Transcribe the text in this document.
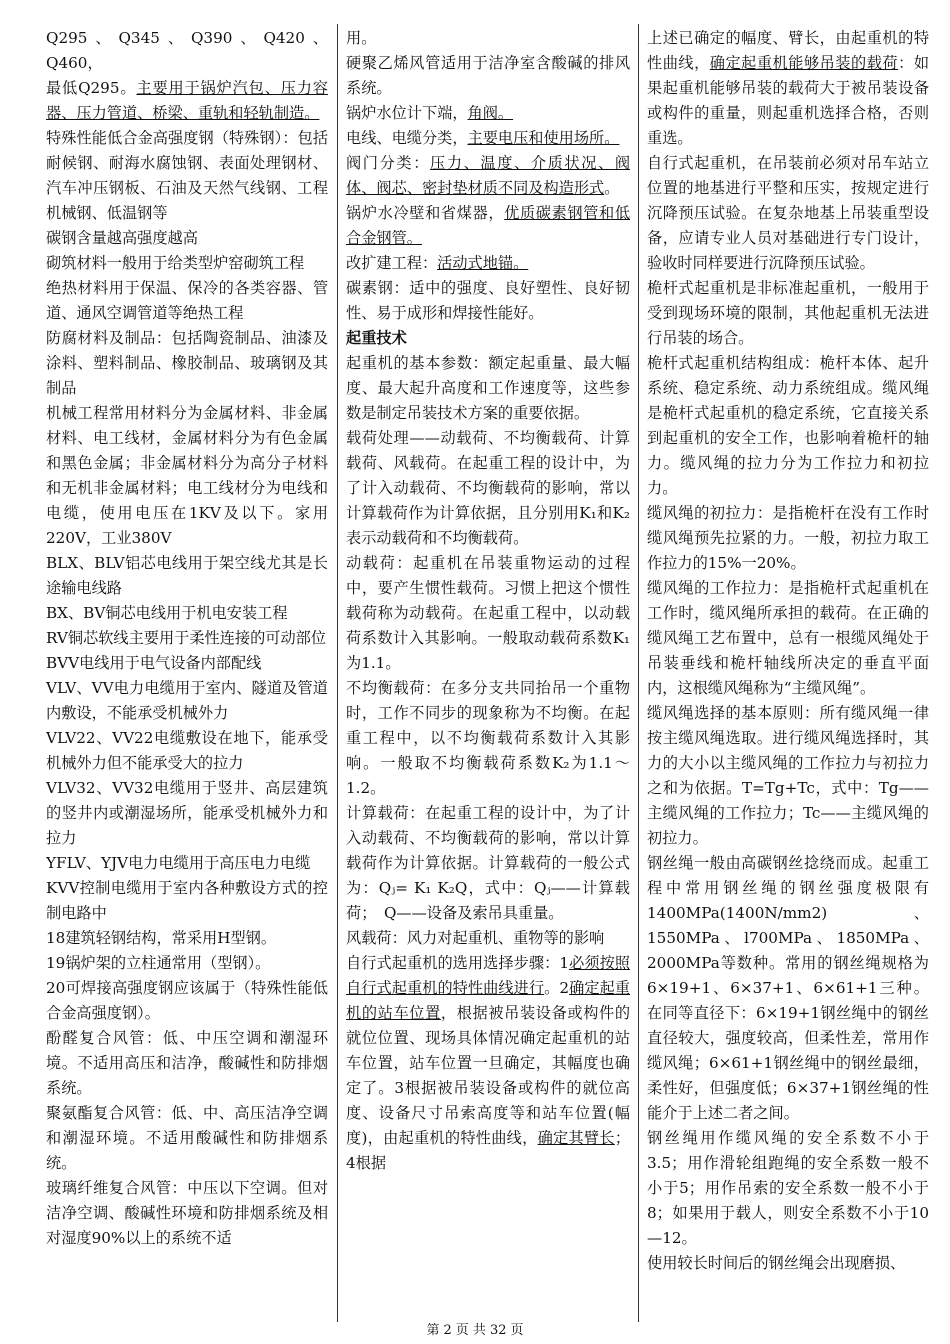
Q295、Q345、Q390、Q420、Q460，

最低Q295。主要用于锅炉汽包、压力容器、压力管道、桥梁、重轨和轻轨制造。

特殊性能低合金高强度钢（特殊钢）：包括耐候钢、耐海水腐蚀钢、表面处理钢材、汽车冲压钢板、石油及天然气线钢、工程机械钢、低温钢等

碳钢含量越高强度越高

砌筑材料一般用于给类型炉窑砌筑工程

绝热材料用于保温、保冷的各类容器、管道、通风空调管道等绝热工程

防腐材料及制品：包括陶瓷制品、油漆及涂料、塑料制品、橡胶制品、玻璃钢及其制品

机械工程常用材料分为金属材料、非金属材料、电工线材，金属材料分为有色金属和黑色金属；非金属材料分为高分子材料和无机非金属材料；电工线材分为电线和电缆，使用电压在1KV及以下。家用220V，工业380V

BLX、BLV铝芯电线用于架空线尤其是长途输电线路

BX、BV铜芯电线用于机电安装工程

RV铜芯软线主要用于柔性连接的可动部位

BVV电线用于电气设备内部配线

VLV、VV电力电缆用于室内、隧道及管道内敷设，不能承受机械外力

VLV22、VV22电缆敷设在地下，能承受机械外力但不能承受大的拉力

VLV32、VV32电缆用于竖井、高层建筑的竖井内或潮湿场所，能承受机械外力和拉力

YFLV、YJV电力电缆用于高压电力电缆

KVV控制电缆用于室内各种敷设方式的控制电路中

18建筑轻钢结构，常采用H型钢。

19锅炉架的立柱通常用（型钢）。

20可焊接高强度钢应该属于（特殊性能低合金高强度钢）。

酚醛复合风管：低、中压空调和潮湿环境。不适用高压和洁净，酸碱性和防排烟系统。

聚氨酯复合风管：低、中、高压洁净空调和潮湿环境。不适用酸碱性和防排烟系统。

玻璃纤维复合风管：中压以下空调。但对洁净空调、酸碱性环境和防排烟系统及相对湿度90%以上的系统不适

用。

硬聚乙烯风管适用于洁净室含酸碱的排风系统。

锅炉水位计下端，角阀。

电线、电缆分类，主要电压和使用场所。

阀门分类：压力、温度、介质状况、阀体、阀芯、密封垫材质不同及构造形式。

锅炉水冷壁和省煤器，优质碳素钢管和低合金钢管。

改扩建工程：活动式地锚。

碳素钢：适中的强度、良好塑性、良好韧性、易于成形和焊接性能好。

起重技术

起重机的基本参数：额定起重量、最大幅度、最大起升高度和工作速度等，这些参数是制定吊装技术方案的重要依据。

载荷处理——动载荷、不均衡载荷、计算载荷、风载荷。在起重工程的设计中，为了计入动载荷、不均衡载荷的影响，常以计算载荷作为计算依据，且分别用K₁和K₂表示动载荷和不均衡载荷。

动载荷：起重机在吊装重物运动的过程中，要产生惯性载荷。习惯上把这个惯性载荷称为动载荷。在起重工程中，以动载荷系数计入其影响。一般取动载荷系数K₁为1.1。

不均衡载荷：在多分支共同抬吊一个重物时，工作不同步的现象称为不均衡。在起重工程中，以不均衡载荷系数计入其影响。一般取不均衡载荷系数K₂为1.1～1.2。

计算载荷：在起重工程的设计中，为了计入动载荷、不均衡载荷的影响，常以计算载荷作为计算依据。计算载荷的一般公式为：Qⱼ= K₁ K₂Q，式中：Qⱼ——计算载荷；　Q——设备及索吊具重量。

风载荷：风力对起重机、重物等的影响

自行式起重机的选用选择步骤：1必须按照自行式起重机的特性曲线进行。2确定起重机的站车位置，根据被吊装设备或构件的就位位置、现场具体情况确定起重机的站车位置，站车位置一旦确定，其幅度也确定了。3根据被吊装设备或构件的就位高度、设备尺寸吊索高度等和站车位置(幅度)，由起重机的特性曲线，确定其臂长；4根据

上述已确定的幅度、臂长，由起重机的特性曲线，确定起重机能够吊装的载荷：如果起重机能够吊装的载荷大于被吊装设备或构件的重量，则起重机选择合格，否则重选。

自行式起重机，在吊装前必须对吊车站立位置的地基进行平整和压实，按规定进行沉降预压试验。在复杂地基上吊装重型设备，应请专业人员对基础进行专门设计，验收时同样要进行沉降预压试验。

桅杆式起重机是非标准起重机，一般用于受到现场环境的限制，其他起重机无法进行吊装的场合。

桅杆式起重机结构组成：桅杆本体、起升系统、稳定系统、动力系统组成。缆风绳是桅杆式起重机的稳定系统，它直接关系到起重机的安全工作，也影响着桅杆的轴力。缆风绳的拉力分为工作拉力和初拉力。

缆风绳的初拉力：是指桅杆在没有工作时缆风绳预先拉紧的力。一般，初拉力取工作拉力的15%一20%。

缆风绳的工作拉力：是指桅杆式起重机在工作时，缆风绳所承担的载荷。在正确的缆风绳工艺布置中，总有一根缆风绳处于吊装垂线和桅杆轴线所决定的垂直平面内，这根缆风绳称为“主缆风绳”。

缆风绳选择的基本原则：所有缆风绳一律按主缆风绳选取。进行缆风绳选择时，其力的大小以主缆风绳的工作拉力与初拉力之和为依据。T=Tg+Tc，式中：Tg——主缆风绳的工作拉力；Tc——主缆风绳的初拉力。

钢丝绳一般由高碳钢丝捻绕而成。起重工程中常用钢丝绳的钢丝强度极限有1400MPa(1400N/mm2)、1550MPa、l700MPa、1850MPa、2000MPa等数种。常用的钢丝绳规格为6×19+1、6×37+1、6×61+1三种。在同等直径下：6×19+1钢丝绳中的钢丝直径较大，强度较高，但柔性差，常用作缆风绳；6×61+1钢丝绳中的钢丝最细，柔性好，但强度低；6×37+1钢丝绳的性能介于上述二者之间。

钢丝绳用作缆风绳的安全系数不小于3.5；用作滑轮组跑绳的安全系数一般不小于5；用作吊索的安全系数一般不小于8；如果用于载人，则安全系数不小于10—12。

使用较长时间后的钢丝绳会出现磨损、

第 2 页 共 32 页
